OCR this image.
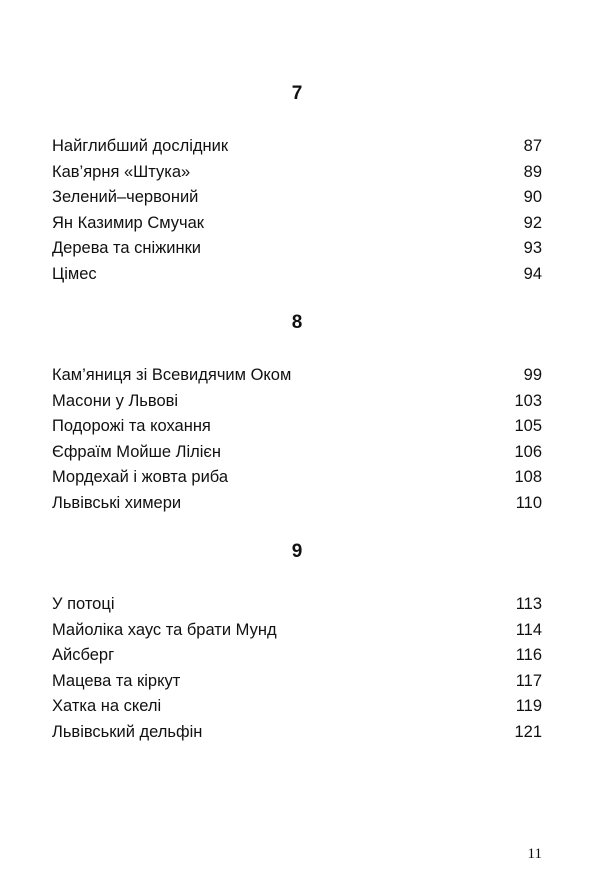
7
Найглибший дослідник	87
Кав’ярня «Штука»	89
Зелений–червоний	90
Ян Казимир Смучак	92
Дерева та сніжинки	93
Цімес	94
8
Кам’яниця зі Всевидячим Оком	99
Масони у Львові	103
Подорожі та кохання	105
Єфраїм Мойше Лілієн	106
Мордехай і жовта риба	108
Львівські химери	110
9
У потоці	113
Майоліка хаус та брати Мунд	114
Айсберг	116
Мацева та кіркут	117
Хатка на скелі	119
Львівський дельфін	121
11
